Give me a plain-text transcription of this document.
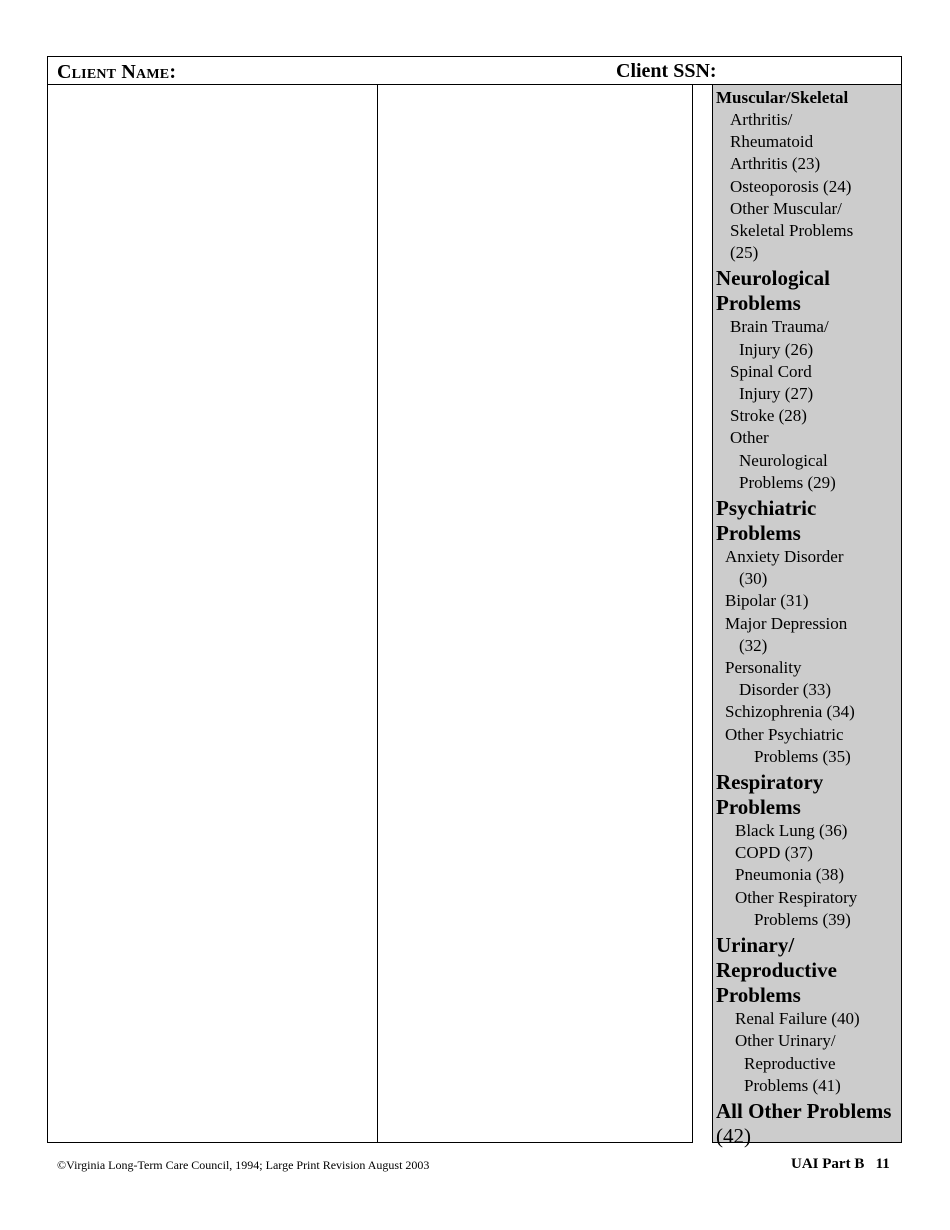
Client Name:	Client SSN:
Muscular/Skeletal
Arthritis/
Rheumatoid
Arthritis (23)
Osteoporosis (24)
Other Muscular/
Skeletal Problems
(25)
Neurological
Problems
Brain Trauma/
Injury (26)
Spinal Cord
Injury (27)
Stroke (28)
Other
Neurological
Problems (29)
Psychiatric
Problems
Anxiety Disorder
(30)
Bipolar (31)
Major Depression
(32)
Personality
Disorder (33)
Schizophrenia (34)
Other Psychiatric
Problems (35)
Respiratory
Problems
Black Lung (36)
COPD (37)
Pneumonia (38)
Other Respiratory
Problems (39)
Urinary/
Reproductive
Problems
Renal Failure (40)
Other Urinary/
Reproductive
Problems (41)
All Other Problems
(42)
©Virginia Long-Term Care Council, 1994; Large Print Revision August 2003	UAI Part B   11
